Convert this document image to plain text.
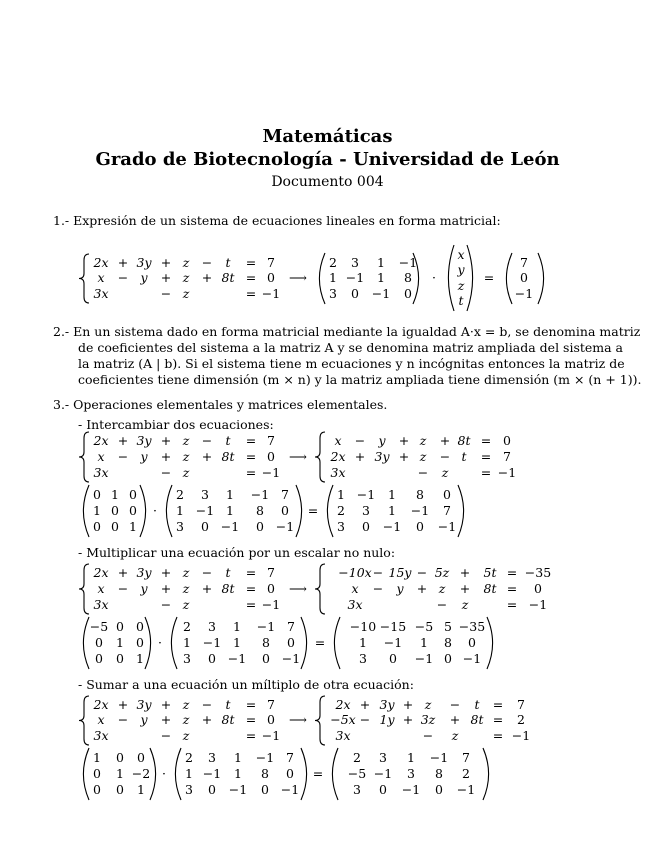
Matemáticas
Grado de Biotecnología - Universidad de León
Documento 004
1.- Expresión de un sistema de ecuaciones lineales en forma matricial:
2.- En un sistema dado en forma matricial mediante la igualdad A·x = b, se denomina matriz
de coeficientes del sistema a la matriz A y se denomina matriz ampliada del sistema a
la matriz (A | b). Si el sistema tiene m ecuaciones y n incógnitas entonces la matriz de
coeficientes tiene dimensión (m × n) y la matriz ampliada tiene dimensión (m × (n + 1)).
3.- Operaciones elementales y matrices elementales.
- Intercambiar dos ecuaciones:
- Multiplicar una ecuación por un escalar no nulo:
- Sumar a una ecuación un míltiplo de otra ecuación:
2x + 3y + z − t = 7
x − y + z + 8t = 0
3x	− z	= −1
⟶
2 3 1 −1
1 −1 1 8
3 0 −1 0
·
x
y
z
t
=
7
0
−1
2x + 3y + z − t = 7
x − y + z + 8t = 0
3x	− z	= −1
⟶
x − y + z + 8t = 0
2x + 3y + z − t = 7
3x	− z	= −1
0 1 0
1 0 0
0 0 1
·
2 3 1 −1 7
1 −1 1 8 0
3 0 −1 0 −1
=
1 −1 1 8 0
2 3 1 −1 7
3 0 −1 0 −1
2x + 3y + z − t = 7
x − y + z + 8t = 0
3x	− z	= −1
⟶
−10x − 15y − 5z + 5t = −35
x − y + z + 8t = 0
3x	− z	= −1
−5 0 0
0 1 0
0 0 1
·
2 3 1 −1 7
1 −1 1 8 0
3 0 −1 0 −1
=
−10 −15 −5 5 −35
1 −1 1 8 0
3 0 −1 0 −1
2x + 3y + z − t = 7
x − y + z + 8t = 0
3x	− z	= −1
⟶
2x + 3y + z − t = 7
−5x − 1y + 3z + 8t = 2
3x	− z	= −1
1 0 0
0 1 −2
0 0 1
·
2 3 1 −1 7
1 −1 1 8 0
3 0 −1 0 −1
=
2 3 1 −1 7
−5 −1 3 8 2
3 0 −1 0 −1
